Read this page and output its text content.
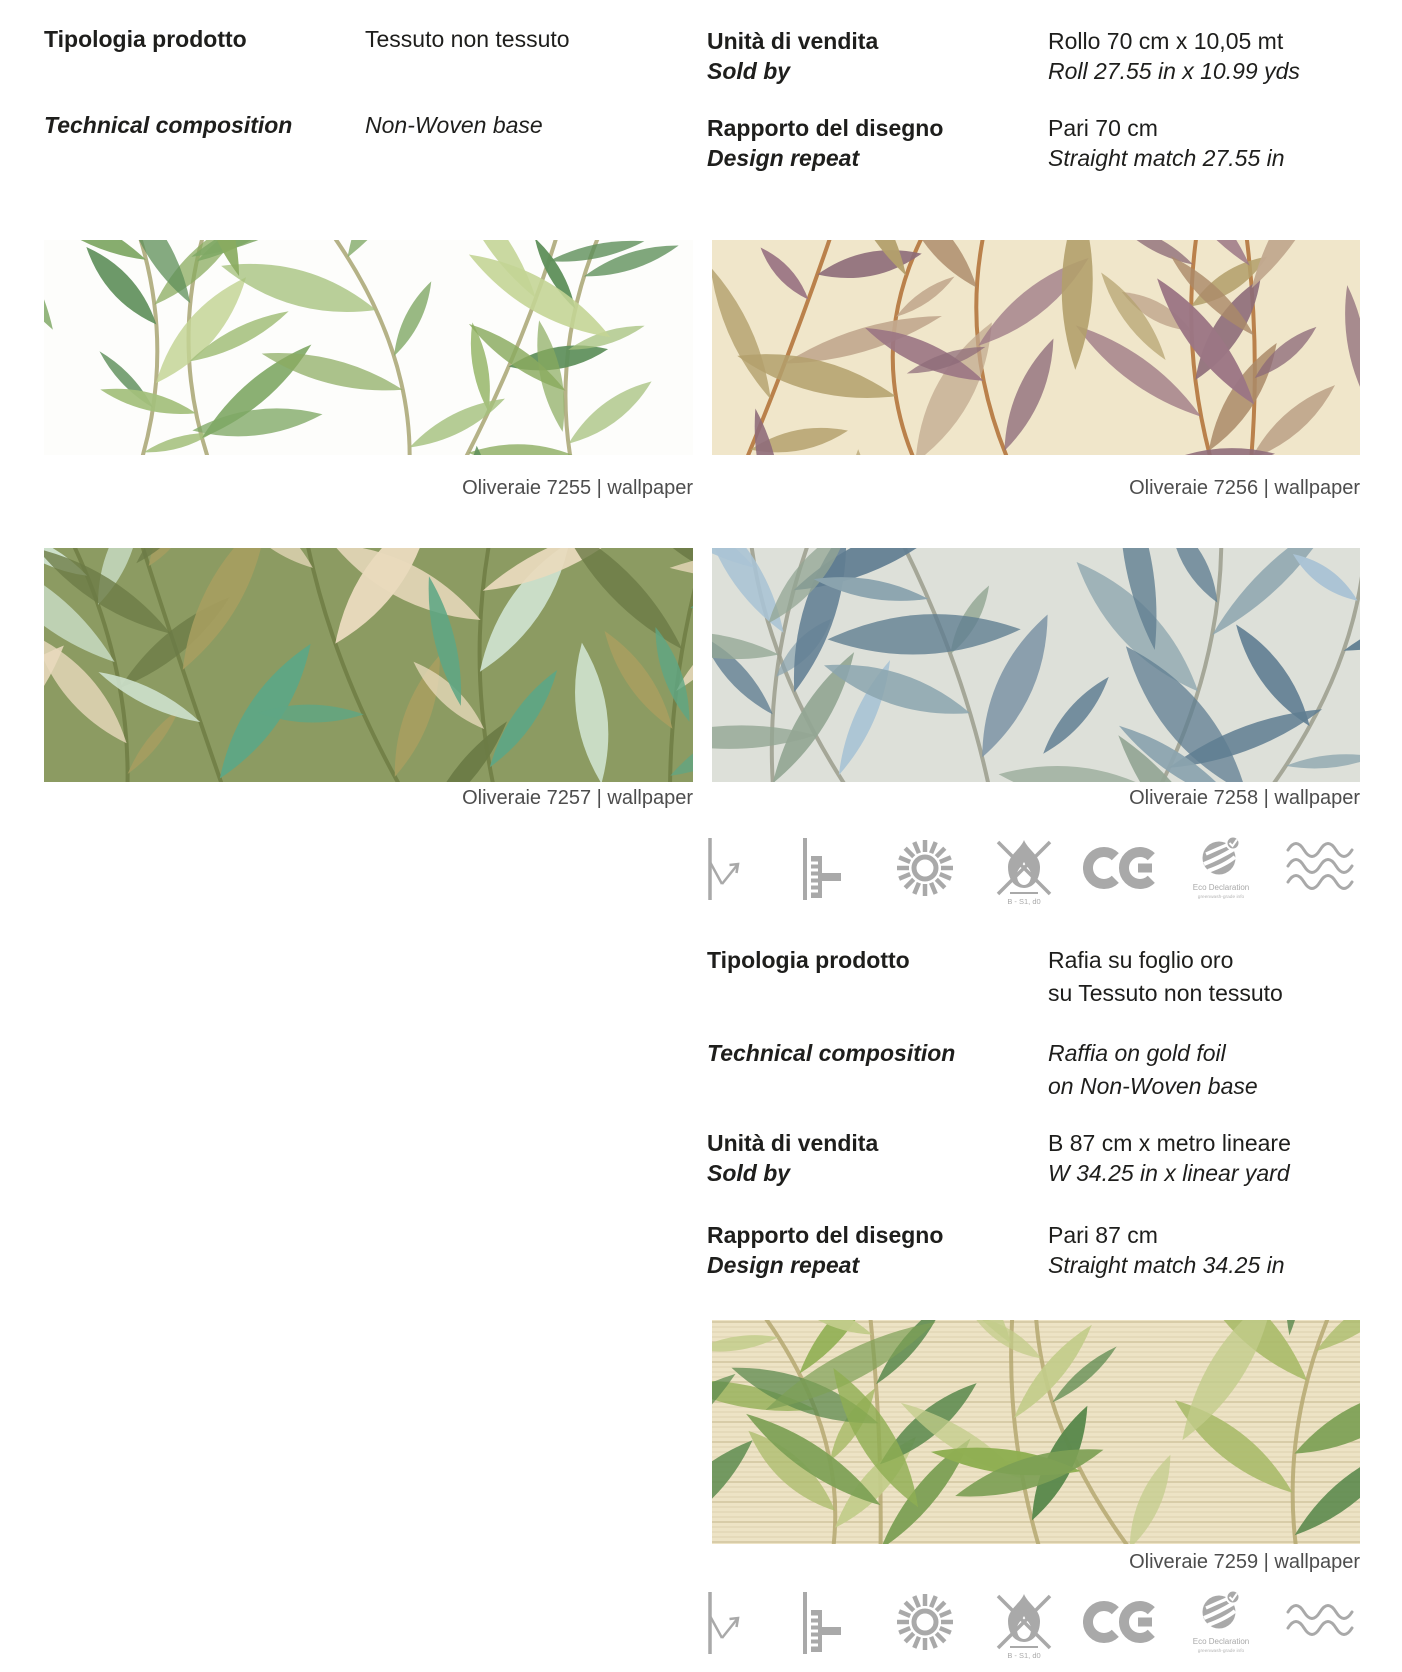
Tipologia prodotto	Tessuto non tessuto
Technical composition	Non-Woven base
Unità di vendita	Rollo 70 cm x 10,05 mt
Sold by	Roll 27.55 in x 10.99 yds
Rapporto del disegno	Pari 70 cm
Design repeat	Straight match 27.55 in
Oliveraie 7255 | wallpaper	Oliveraie 7256 | wallpaper
Oliveraie 7257 | wallpaper	Oliveraie 7258 | wallpaper
B - S1, d0
Eco Declaration
greenwash-grade info
Tipologia prodotto	Rafia su foglio oro
su Tessuto non tessuto
Technical composition	Raffia on gold foil
on Non-Woven base
Unità di vendita	B 87 cm x metro lineare
Sold by	W 34.25 in x linear yard
Rapporto del disegno	Pari 87 cm
Design repeat	Straight match 34.25 in
Oliveraie 7259 | wallpaper
B - S1, d0
Eco Declaration
greenwash-grade info
